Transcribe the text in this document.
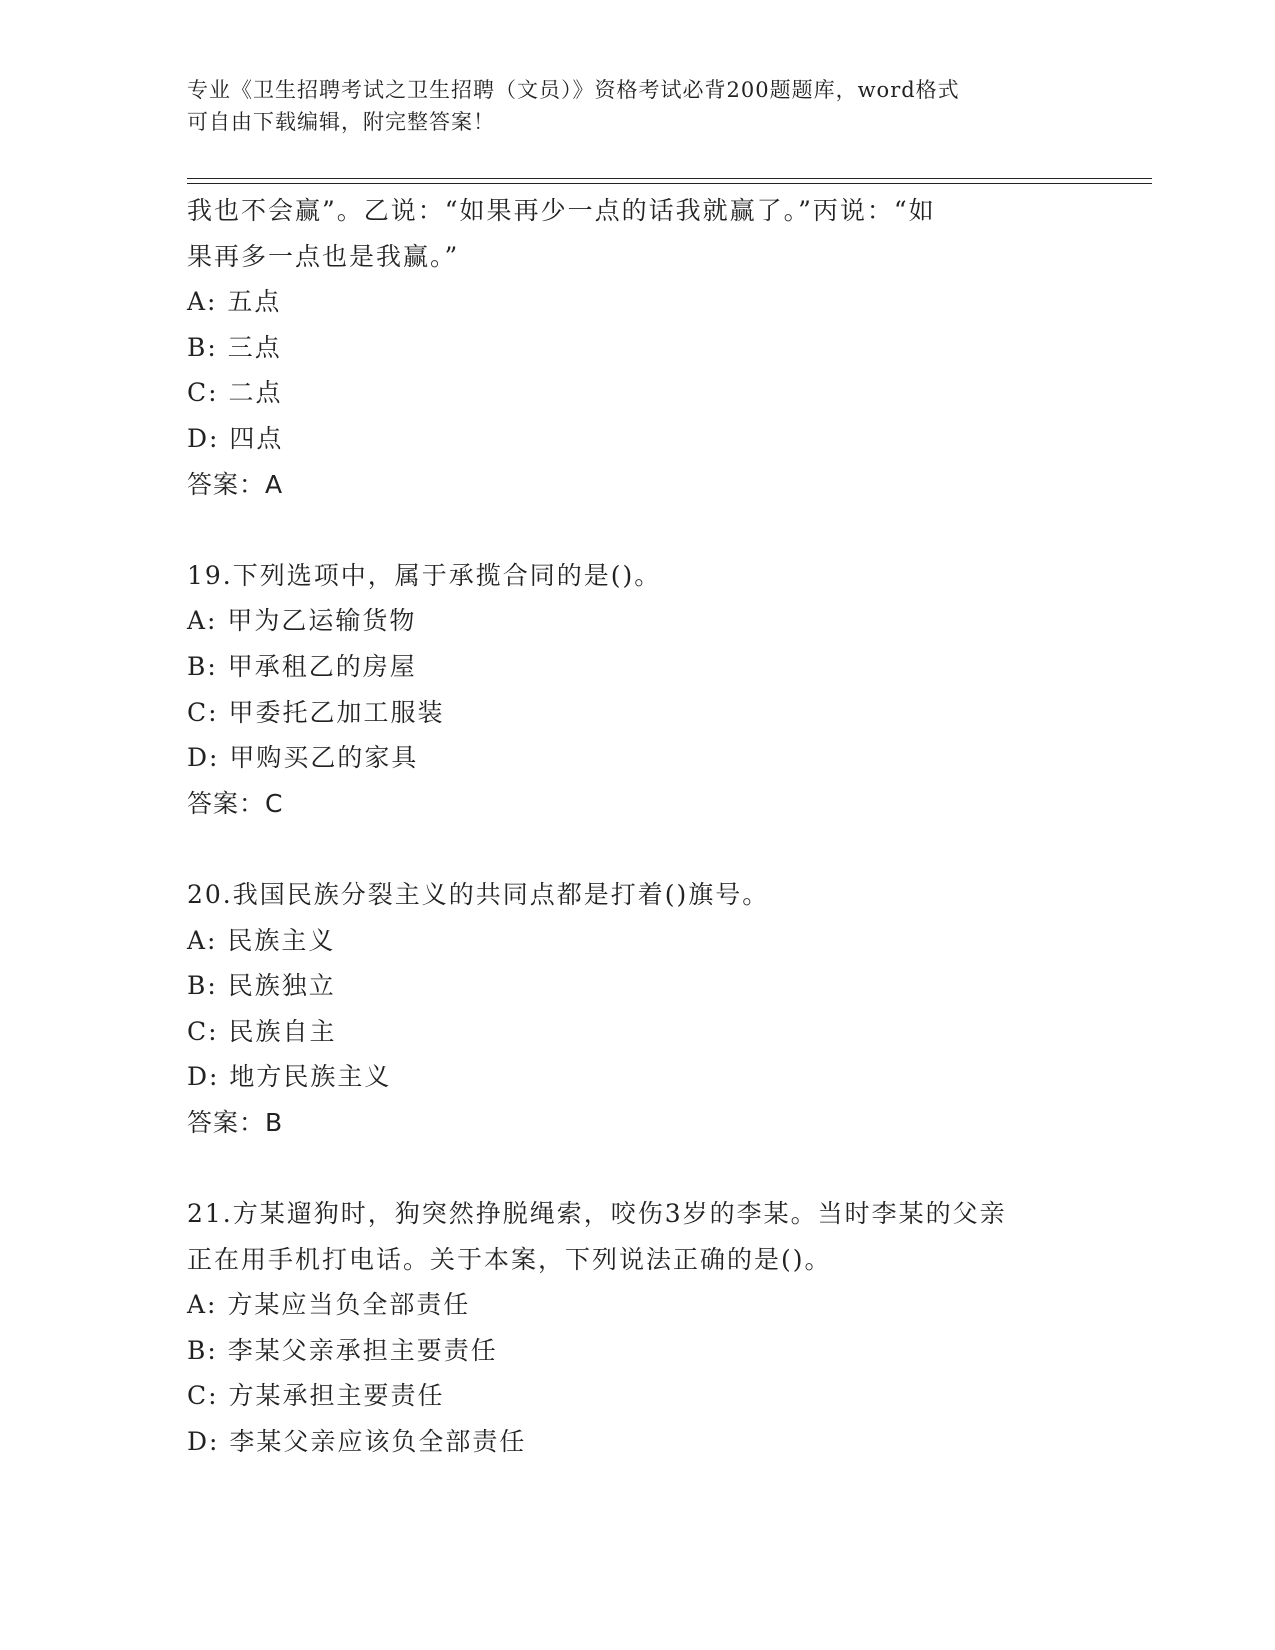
专业《卫生招聘考试之卫生招聘（文员）》资格考试必背200题题库，word格式
可自由下载编辑，附完整答案！
我也不会赢”。乙说：“如果再少一点的话我就赢了。”丙说：“如
果再多一点也是我赢。”
A: 五点
B: 三点
C: 二点
D: 四点
答案：A
19.下列选项中，属于承揽合同的是()。
A: 甲为乙运输货物
B: 甲承租乙的房屋
C: 甲委托乙加工服装
D: 甲购买乙的家具
答案：C
20.我国民族分裂主义的共同点都是打着()旗号。
A: 民族主义
B: 民族独立
C: 民族自主
D: 地方民族主义
答案：B
21.方某遛狗时，狗突然挣脱绳索，咬伤3岁的李某。当时李某的父亲
正在用手机打电话。关于本案，下列说法正确的是()。
A: 方某应当负全部责任
B: 李某父亲承担主要责任
C: 方某承担主要责任
D: 李某父亲应该负全部责任
